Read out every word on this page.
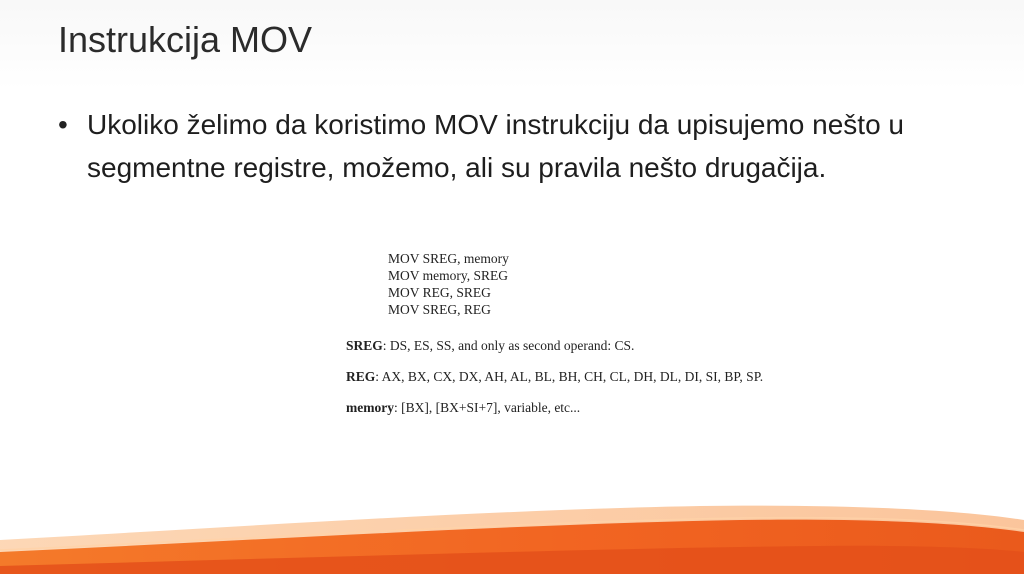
Instrukcija MOV
• Ukoliko želimo da koristimo MOV instrukciju da upisujemo nešto u segmentne registre, možemo, ali su pravila nešto drugačija.
MOV SREG, memory
MOV memory, SREG
MOV REG, SREG
MOV SREG, REG
SREG: DS, ES, SS, and only as second operand: CS.
REG: AX, BX, CX, DX, AH, AL, BL, BH, CH, CL, DH, DL, DI, SI, BP, SP.
memory: [BX], [BX+SI+7], variable, etc...
